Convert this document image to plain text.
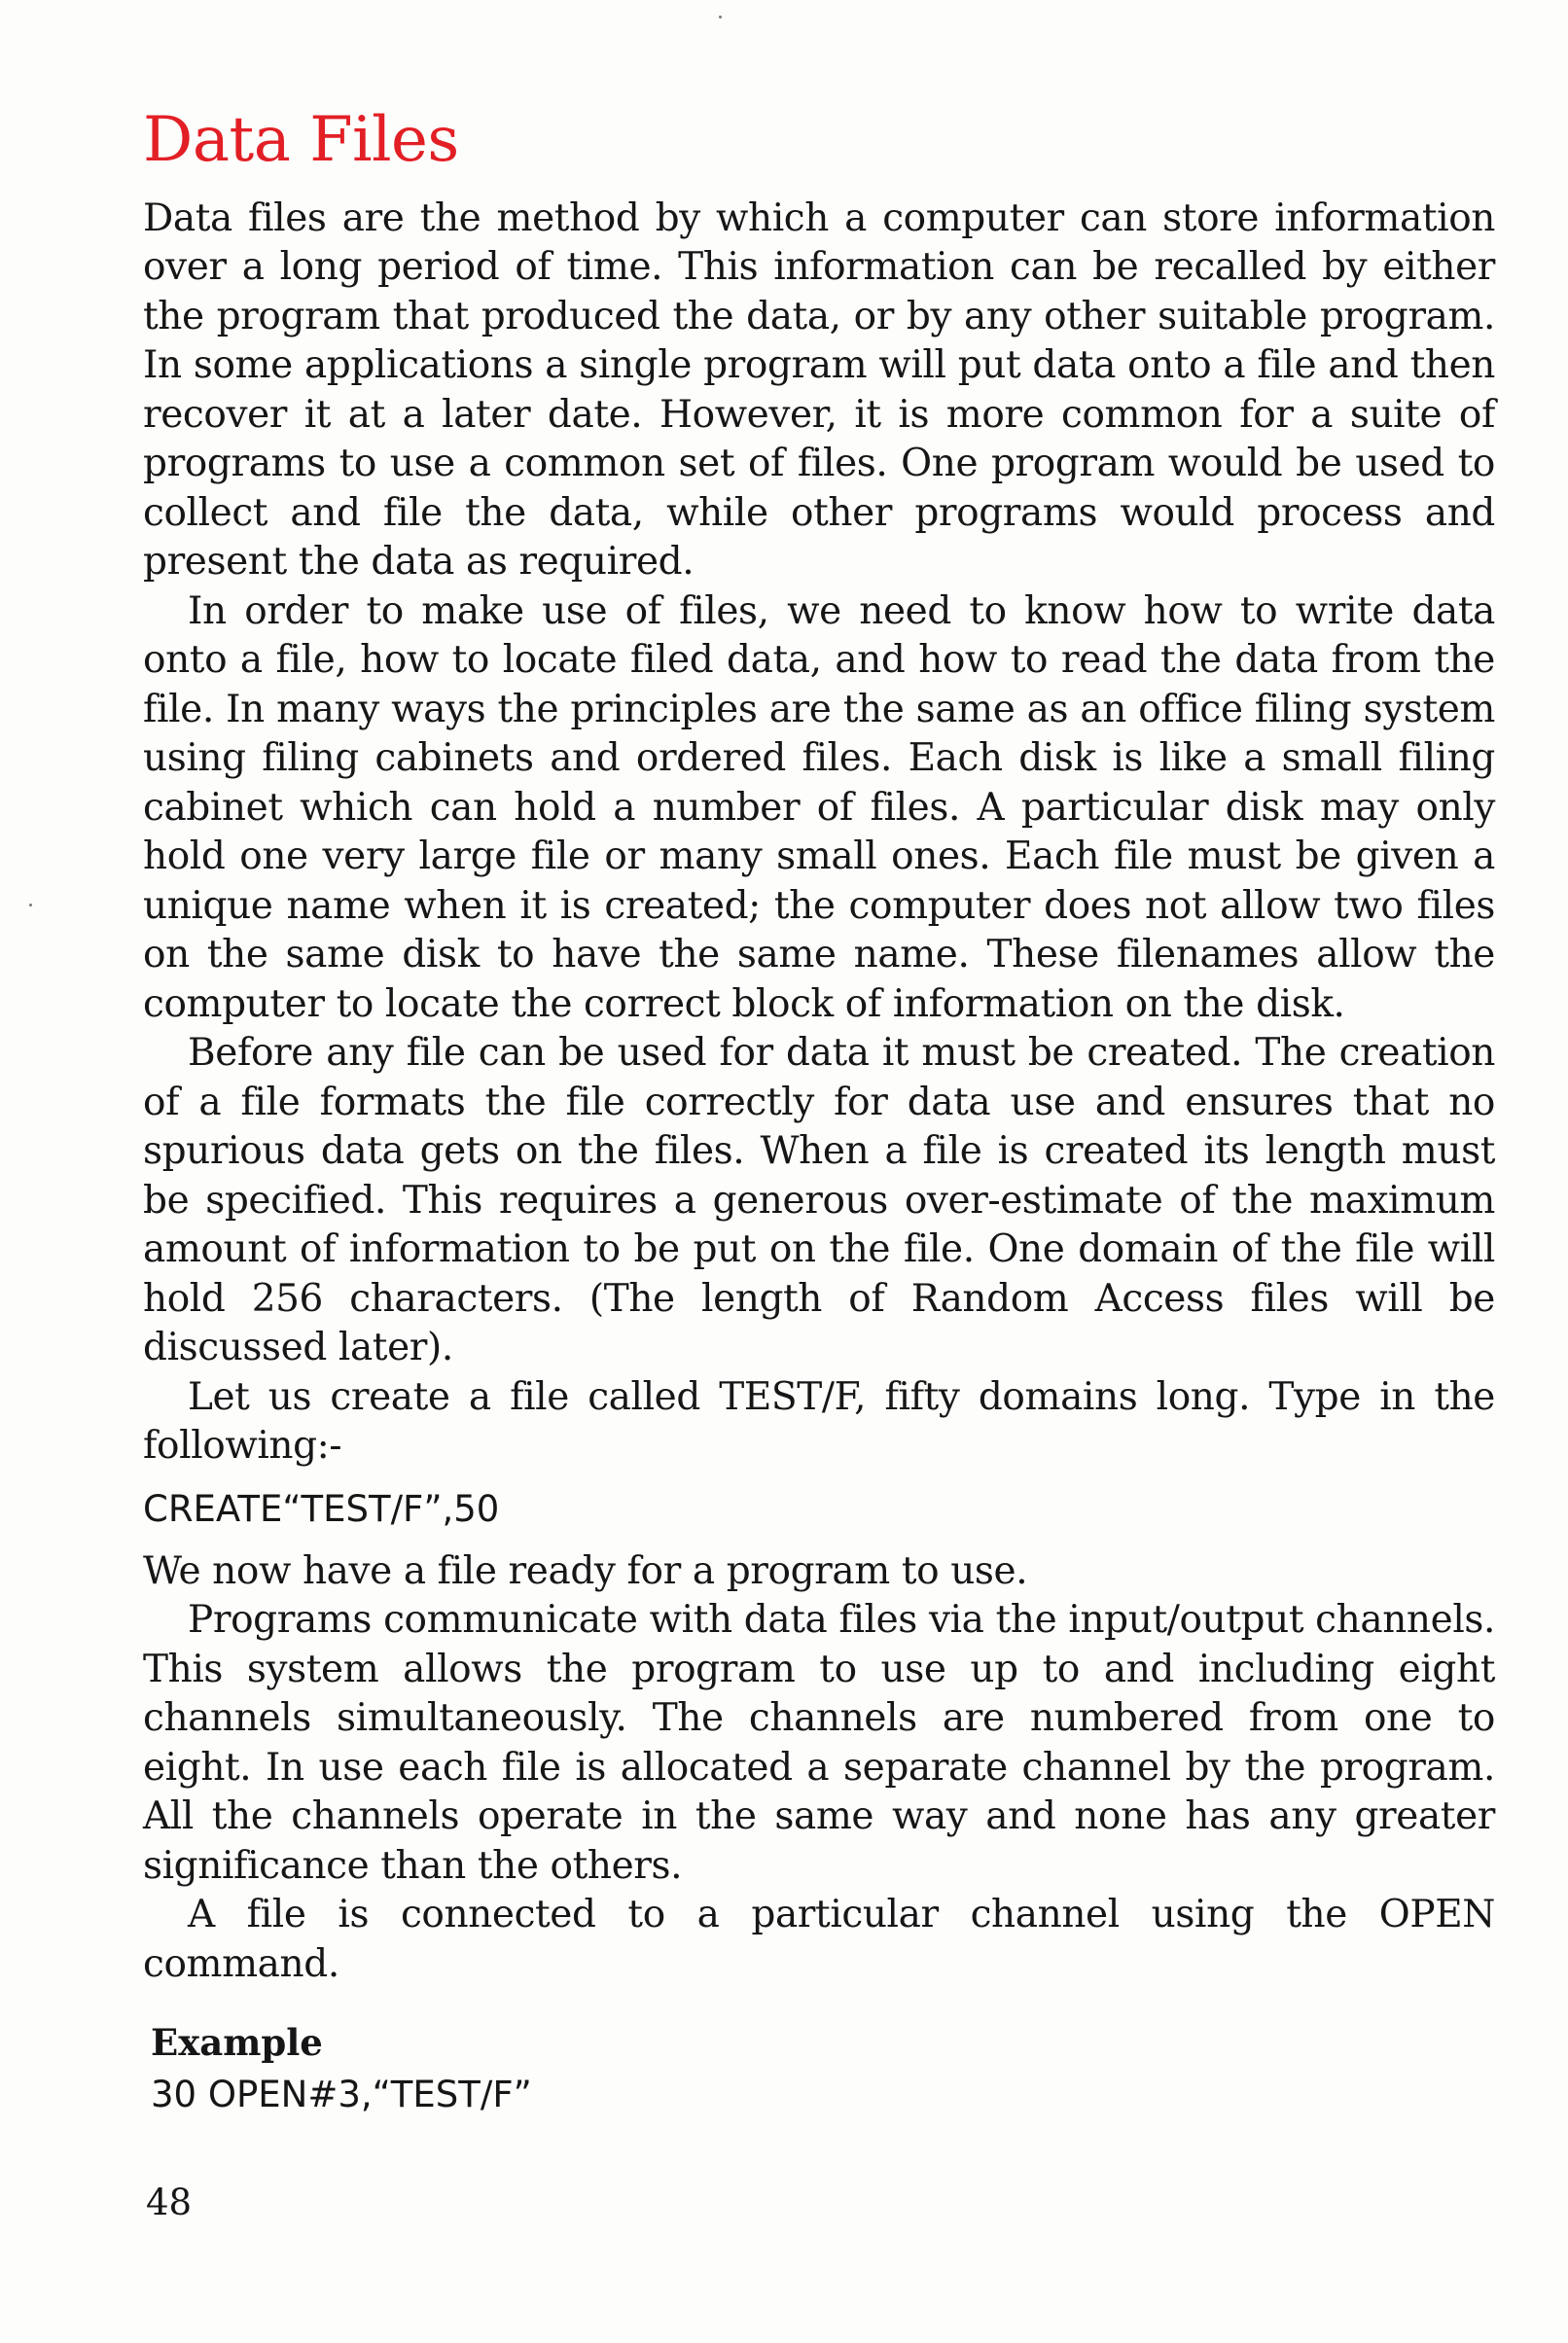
Data Files

Data files are the method by which a computer can store information over a long period of time. This information can be recalled by either the program that produced the data, or by any other suitable program. In some applications a single program will put data onto a file and then recover it at a later date. However, it is more common for a suite of programs to use a common set of files. One program would be used to collect and file the data, while other programs would process and present the data as required.

In order to make use of files, we need to know how to write data onto a file, how to locate filed data, and how to read the data from the file. In many ways the principles are the same as an office filing system using filing cabinets and ordered files. Each disk is like a small filing cabinet which can hold a number of files. A particular disk may only hold one very large file or many small ones. Each file must be given a unique name when it is created; the computer does not allow two files on the same disk to have the same name. These filenames allow the computer to locate the correct block of information on the disk.

Before any file can be used for data it must be created. The creation of a file formats the file correctly for data use and ensures that no spurious data gets on the files. When a file is created its length must be specified. This requires a generous over-estimate of the maximum amount of information to be put on the file. One domain of the file will hold 256 characters. (The length of Random Access files will be discussed later).

Let us create a file called TEST/F, fifty domains long. Type in the following:-

CREATE“TEST/F”,50

We now have a file ready for a program to use.

Programs communicate with data files via the input/output channels. This system allows the program to use up to and including eight channels simultaneously. The channels are numbered from one to eight. In use each file is allocated a separate channel by the program. All the channels operate in the same way and none has any greater significance than the others.

A file is connected to a particular channel using the OPEN command.

Example
30 OPEN#3,“TEST/F”
48
